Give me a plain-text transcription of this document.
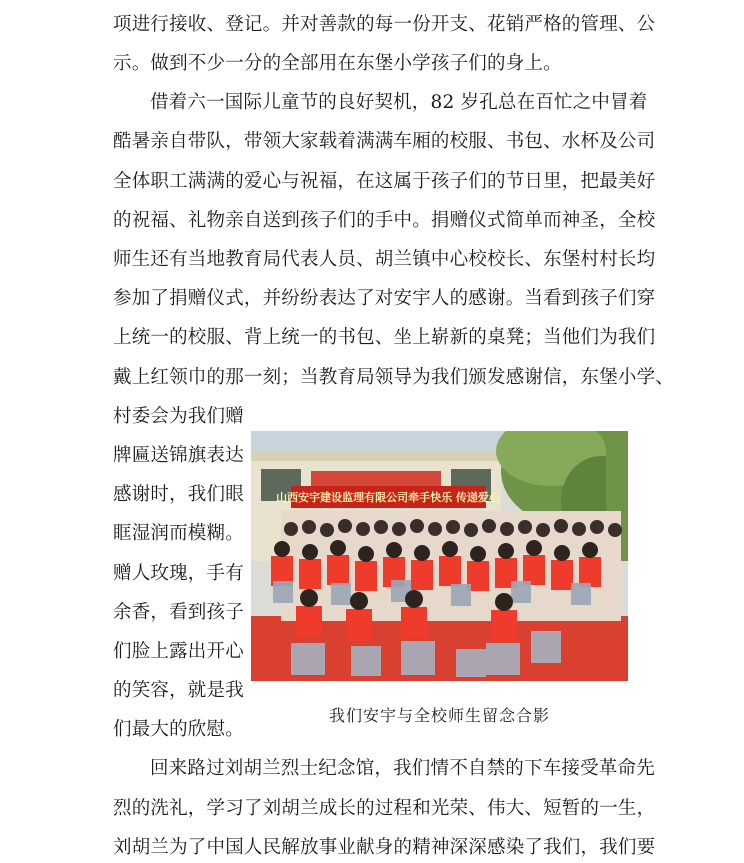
项进行接收、登记。并对善款的每一份开支、花销严格的管理、公
示。做到不少一分的全部用在东堡小学孩子们的身上。
借着六一国际儿童节的良好契机，82 岁孔总在百忙之中冒着
酷暑亲自带队，带领大家载着满满车厢的校服、书包、水杯及公司
全体职工满满的爱心与祝福，在这属于孩子们的节日里，把最美好
的祝福、礼物亲自送到孩子们的手中。捐赠仪式简单而神圣，全校
师生还有当地教育局代表人员、胡兰镇中心校校长、东堡村村长均
参加了捐赠仪式，并纷纷表达了对安宇人的感谢。当看到孩子们穿
上统一的校服、背上统一的书包、坐上崭新的桌凳；当他们为我们
戴上红领巾的那一刻；当教育局领导为我们颁发感谢信，东堡小学、
村委会为我们赠
牌匾送锦旗表达
感谢时，我们眼
眶湿润而模糊。
赠人玫瑰，手有
余香，看到孩子
们脸上露出开心
的笑容，就是我
们最大的欣慰。
回来路过刘胡兰烈士纪念馆，我们情不自禁的下车接受革命先
烈的洗礼，学习了刘胡兰成长的过程和光荣、伟大、短暂的一生，
刘胡兰为了中国人民解放事业献身的精神深深感染了我们，我们要
山西安宇建设监理有限公司牵手快乐 传递爱心
我们安宇与全校师生留念合影
